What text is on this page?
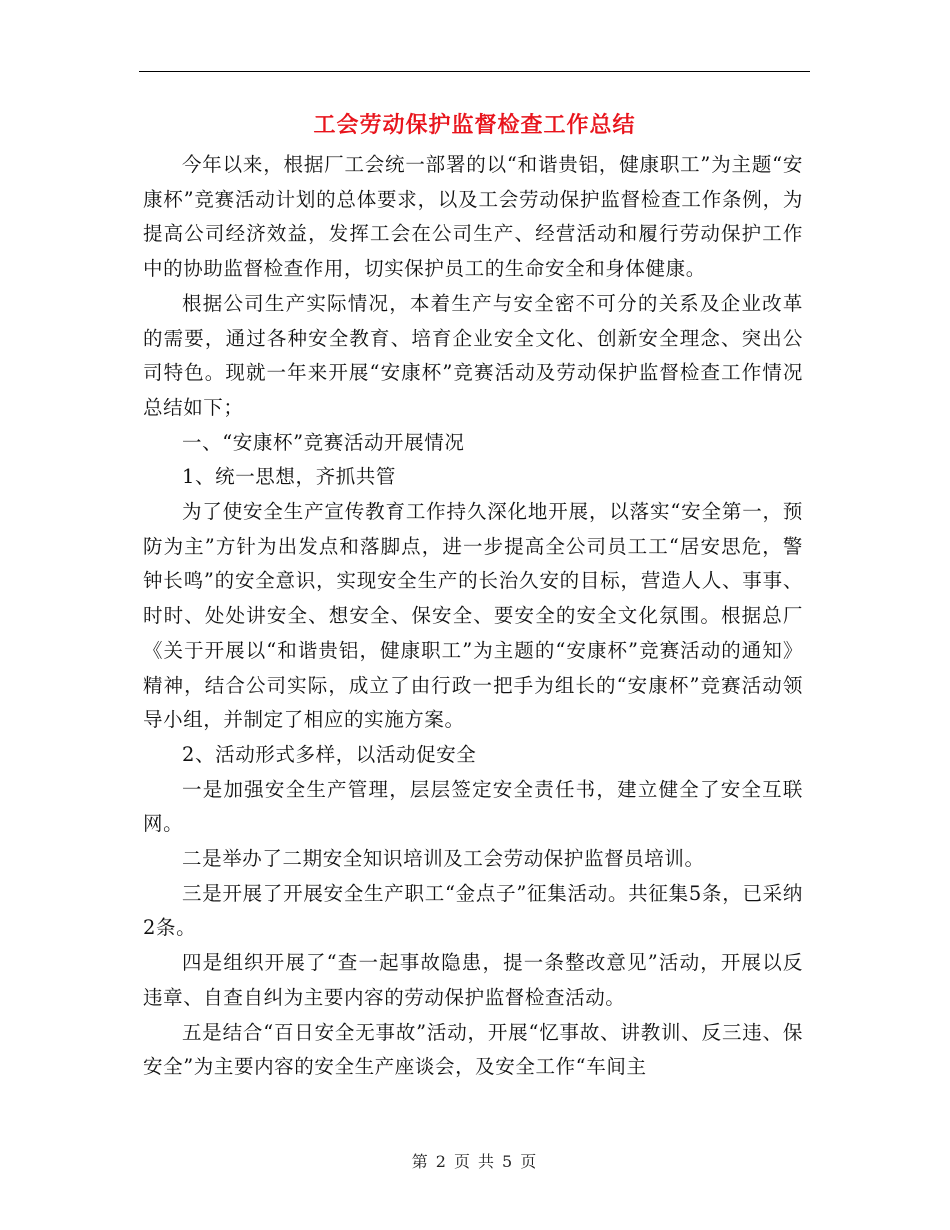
工会劳动保护监督检查工作总结

今年以来，根据厂工会统一部署的以“和谐贵铝，健康职工”为主题“安康杯”竞赛活动计划的总体要求，以及工会劳动保护监督检查工作条例，为提高公司经济效益，发挥工会在公司生产、经营活动和履行劳动保护工作中的协助监督检查作用，切实保护员工的生命安全和身体健康。

根据公司生产实际情况，本着生产与安全密不可分的关系及企业改革的需要，通过各种安全教育、培育企业安全文化、创新安全理念、突出公司特色。现就一年来开展“安康杯”竞赛活动及劳动保护监督检查工作情况总结如下；

一、“安康杯”竞赛活动开展情况

1、统一思想，齐抓共管

为了使安全生产宣传教育工作持久深化地开展，以落实“安全第一，预防为主”方针为出发点和落脚点，进一步提高全公司员工工“居安思危，警钟长鸣”的安全意识，实现安全生产的长治久安的目标，营造人人、事事、时时、处处讲安全、想安全、保安全、要安全的安全文化氛围。根据总厂《关于开展以“和谐贵铝，健康职工”为主题的“安康杯”竞赛活动的通知》精神，结合公司实际，成立了由行政一把手为组长的“安康杯”竞赛活动领导小组，并制定了相应的实施方案。

2、活动形式多样，以活动促安全

一是加强安全生产管理，层层签定安全责任书，建立健全了安全互联网。

二是举办了二期安全知识培训及工会劳动保护监督员培训。

三是开展了开展安全生产职工“金点子”征集活动。共征集5条，已采纳2条。

四是组织开展了“查一起事故隐患，提一条整改意见”活动，开展以反违章、自查自纠为主要内容的劳动保护监督检查活动。

五是结合“百日安全无事故”活动，开展“忆事故、讲教训、反三违、保安全”为主要内容的安全生产座谈会，及安全工作“车间主

第 2 页 共 5 页
